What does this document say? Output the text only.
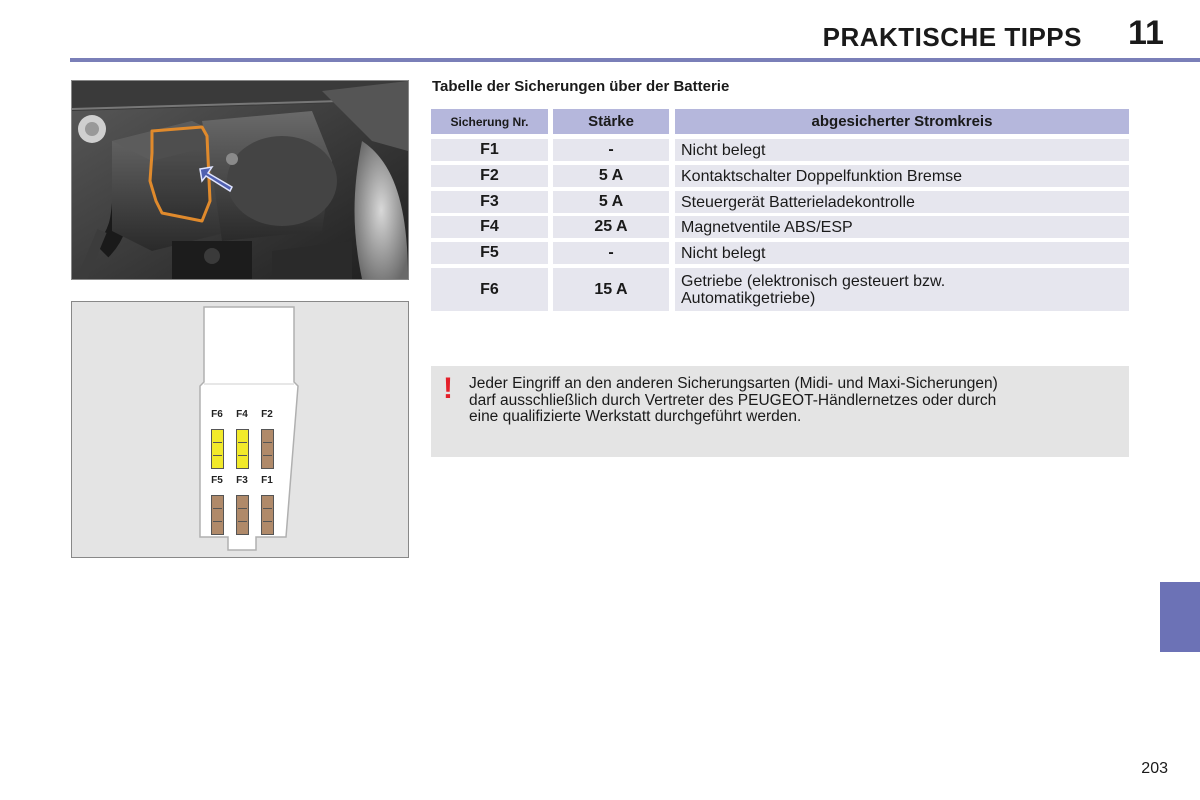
PRAKTISCHE TIPPS 11
F6	F4	F2
F5	F3	F1
Tabelle der Sicherungen über der Batterie
Sicherung Nr.	Stärke	abgesicherter Stromkreis
F1	-	Nicht belegt
F2	5 A	Kontaktschalter Doppelfunktion Bremse
F3	5 A	Steuergerät Batterieladekontrolle
F4	25 A	Magnetventile ABS/ESP
F5	-	Nicht belegt
F6	15 A	Getriebe (elektronisch gesteuert bzw.
Automatikgetriebe)
! Jeder Eingriff an den anderen Sicherungsarten (Midi- und Maxi-Sicherungen)
darf ausschließlich durch Vertreter des PEUGEOT-Händlernetzes oder durch
eine qualifizierte Werkstatt durchgeführt werden.
203
